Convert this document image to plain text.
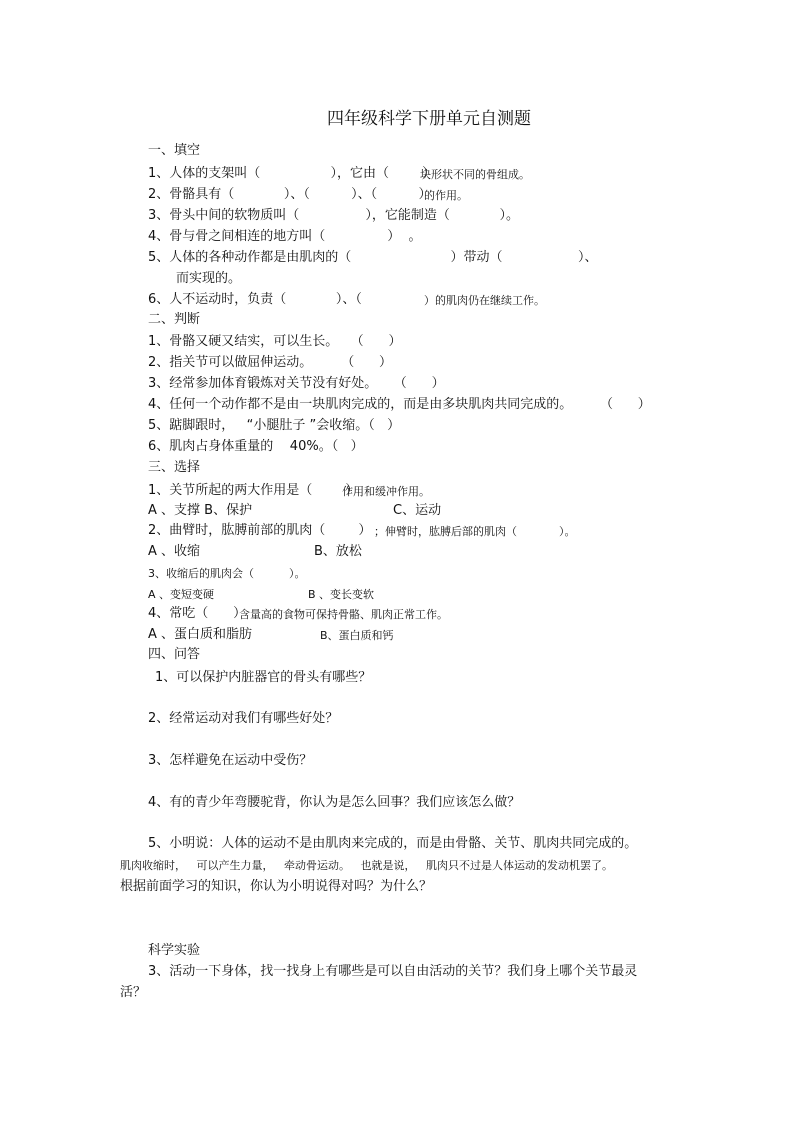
四年级科学下册单元自测题
一、填空
1、人体的支架叫（                 ），它由（        ）
块形状不同的骨组成。
2、骨骼具有（            ）、（          ）、（          ）
的作用。
3、骨头中间的软物质叫（                ），它能制造（            ）。
4、骨与骨之间相连的地方叫（               ）  。
5、人体的各种动作都是由肌肉的（                        ）带动（	）、
而实现的。
6、人不运动时，负责（            ）、（	）的肌肉仍在继续工作。
二、判断
1、骨骼又硬又结实，可以生长。   （      ）
2、指关节可以做屈伸运动。       （      ）
3、经常参加体育锻炼对关节没有好处。    （      ）
4、任何一个动作都不是由一块肌肉完成的，而是由多块肌肉共同完成的。 （      ）
5、踮脚跟时，   “小腿肚子 ”会收缩。（   ）
6、肌肉占身体重量的    40%。（   ）
三、选择
1、关节所起的两大作用是（        ）
作用和缓冲作用。
A 、支撑 B、保护	C、运动
2、曲臂时，肱膊前部的肌肉（        ） ；伸臂时，肱膊后部的肌肉（            ）。
A 、收缩	B、放松
3、收缩后的肌肉会（          ）。
A 、变短变硬	B 、变长变软
4、常吃（      ）
含量高的食物可保持骨骼、肌肉正常工作。
A 、蛋白质和脂肪	B、蛋白质和钙
四、问答
1、可以保护内脏器官的骨头有哪些？
2、经常运动对我们有哪些好处？
3、怎样避免在运动中受伤？
4、有的青少年弯腰驼背，你认为是怎么回事？我们应该怎么做？
5、小明说：人体的运动不是由肌肉来完成的，而是由骨骼、关节、肌肉共同完成的。
肌肉收缩时，   可以产生力量，   牵动骨运动。   也就是说，   肌肉只不过是人体运动的发动机罢了。
根据前面学习的知识，你认为小明说得对吗？为什么？
科学实验
3、活动一下身体，找一找身上有哪些是可以自由活动的关节？我们身上哪个关节最灵
活？
